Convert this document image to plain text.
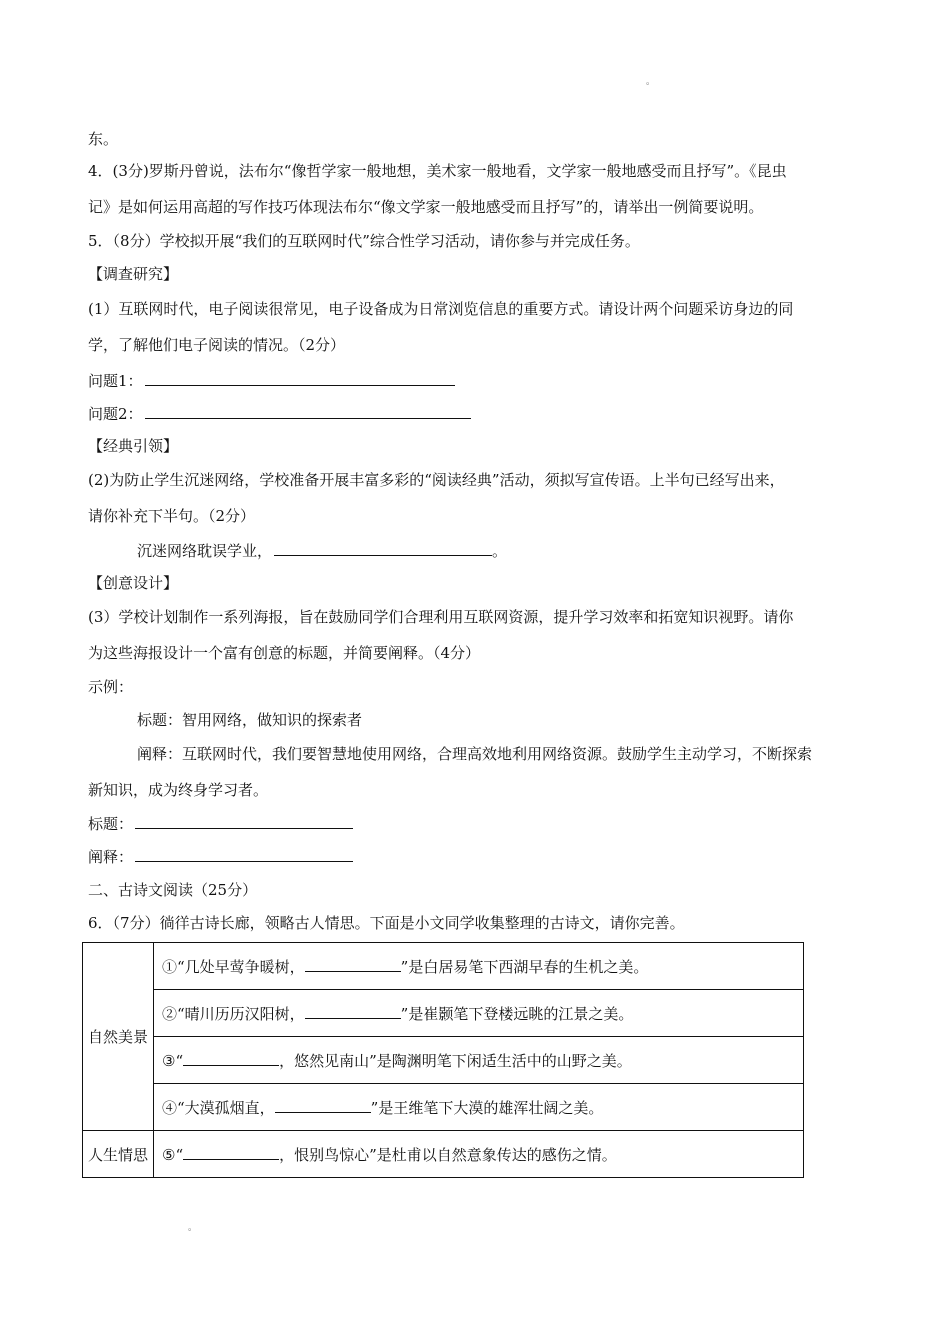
。
东。
4．(3分)罗斯丹曾说，法布尔“像哲学家一般地想，美术家一般地看，文学家一般地感受而且抒写”。《昆虫
记》是如何运用高超的写作技巧体现法布尔“像文学家一般地感受而且抒写”的，请举出一例简要说明。
5．（8分）学校拟开展“我们的互联网时代”综合性学习活动，请你参与并完成任务。
【调查研究】
(1）互联网时代，电子阅读很常见，电子设备成为日常浏览信息的重要方式。请设计两个问题采访身边的同
学，了解他们电子阅读的情况。（2分）
问题1：
问题2：
【经典引领】
(2)为防止学生沉迷网络，学校准备开展丰富多彩的“阅读经典”活动，须拟写宣传语。上半句已经写出来，
请你补充下半句。（2分）
沉迷网络耽误学业，	。
【创意设计】
(3）学校计划制作一系列海报，旨在鼓励同学们合理利用互联网资源，提升学习效率和拓宽知识视野。请你
为这些海报设计一个富有创意的标题，并简要阐释。（4分）
示例：
标题：智用网络，做知识的探索者
阐释：互联网时代，我们要智慧地使用网络，合理高效地利用网络资源。鼓励学生主动学习，不断探索
新知识，成为终身学习者。
标题：
阐释：
二、古诗文阅读（25分）
6．（7分）徜徉古诗长廊，领略古人情思。下面是小文同学收集整理的古诗文，请你完善。
自然美景	①“几处早莺争暖树， ”是白居易笔下西湖早春的生机之美。
	②“晴川历历汉阳树， ”是崔颢笔下登楼远眺的江景之美。
	③“ ，悠然见南山”是陶渊明笔下闲适生活中的山野之美。
	④“大漠孤烟直， ”是王维笔下大漠的雄浑壮阔之美。
人生情思	⑤“ ，恨别鸟惊心”是杜甫以自然意象传达的感伤之情。
。
